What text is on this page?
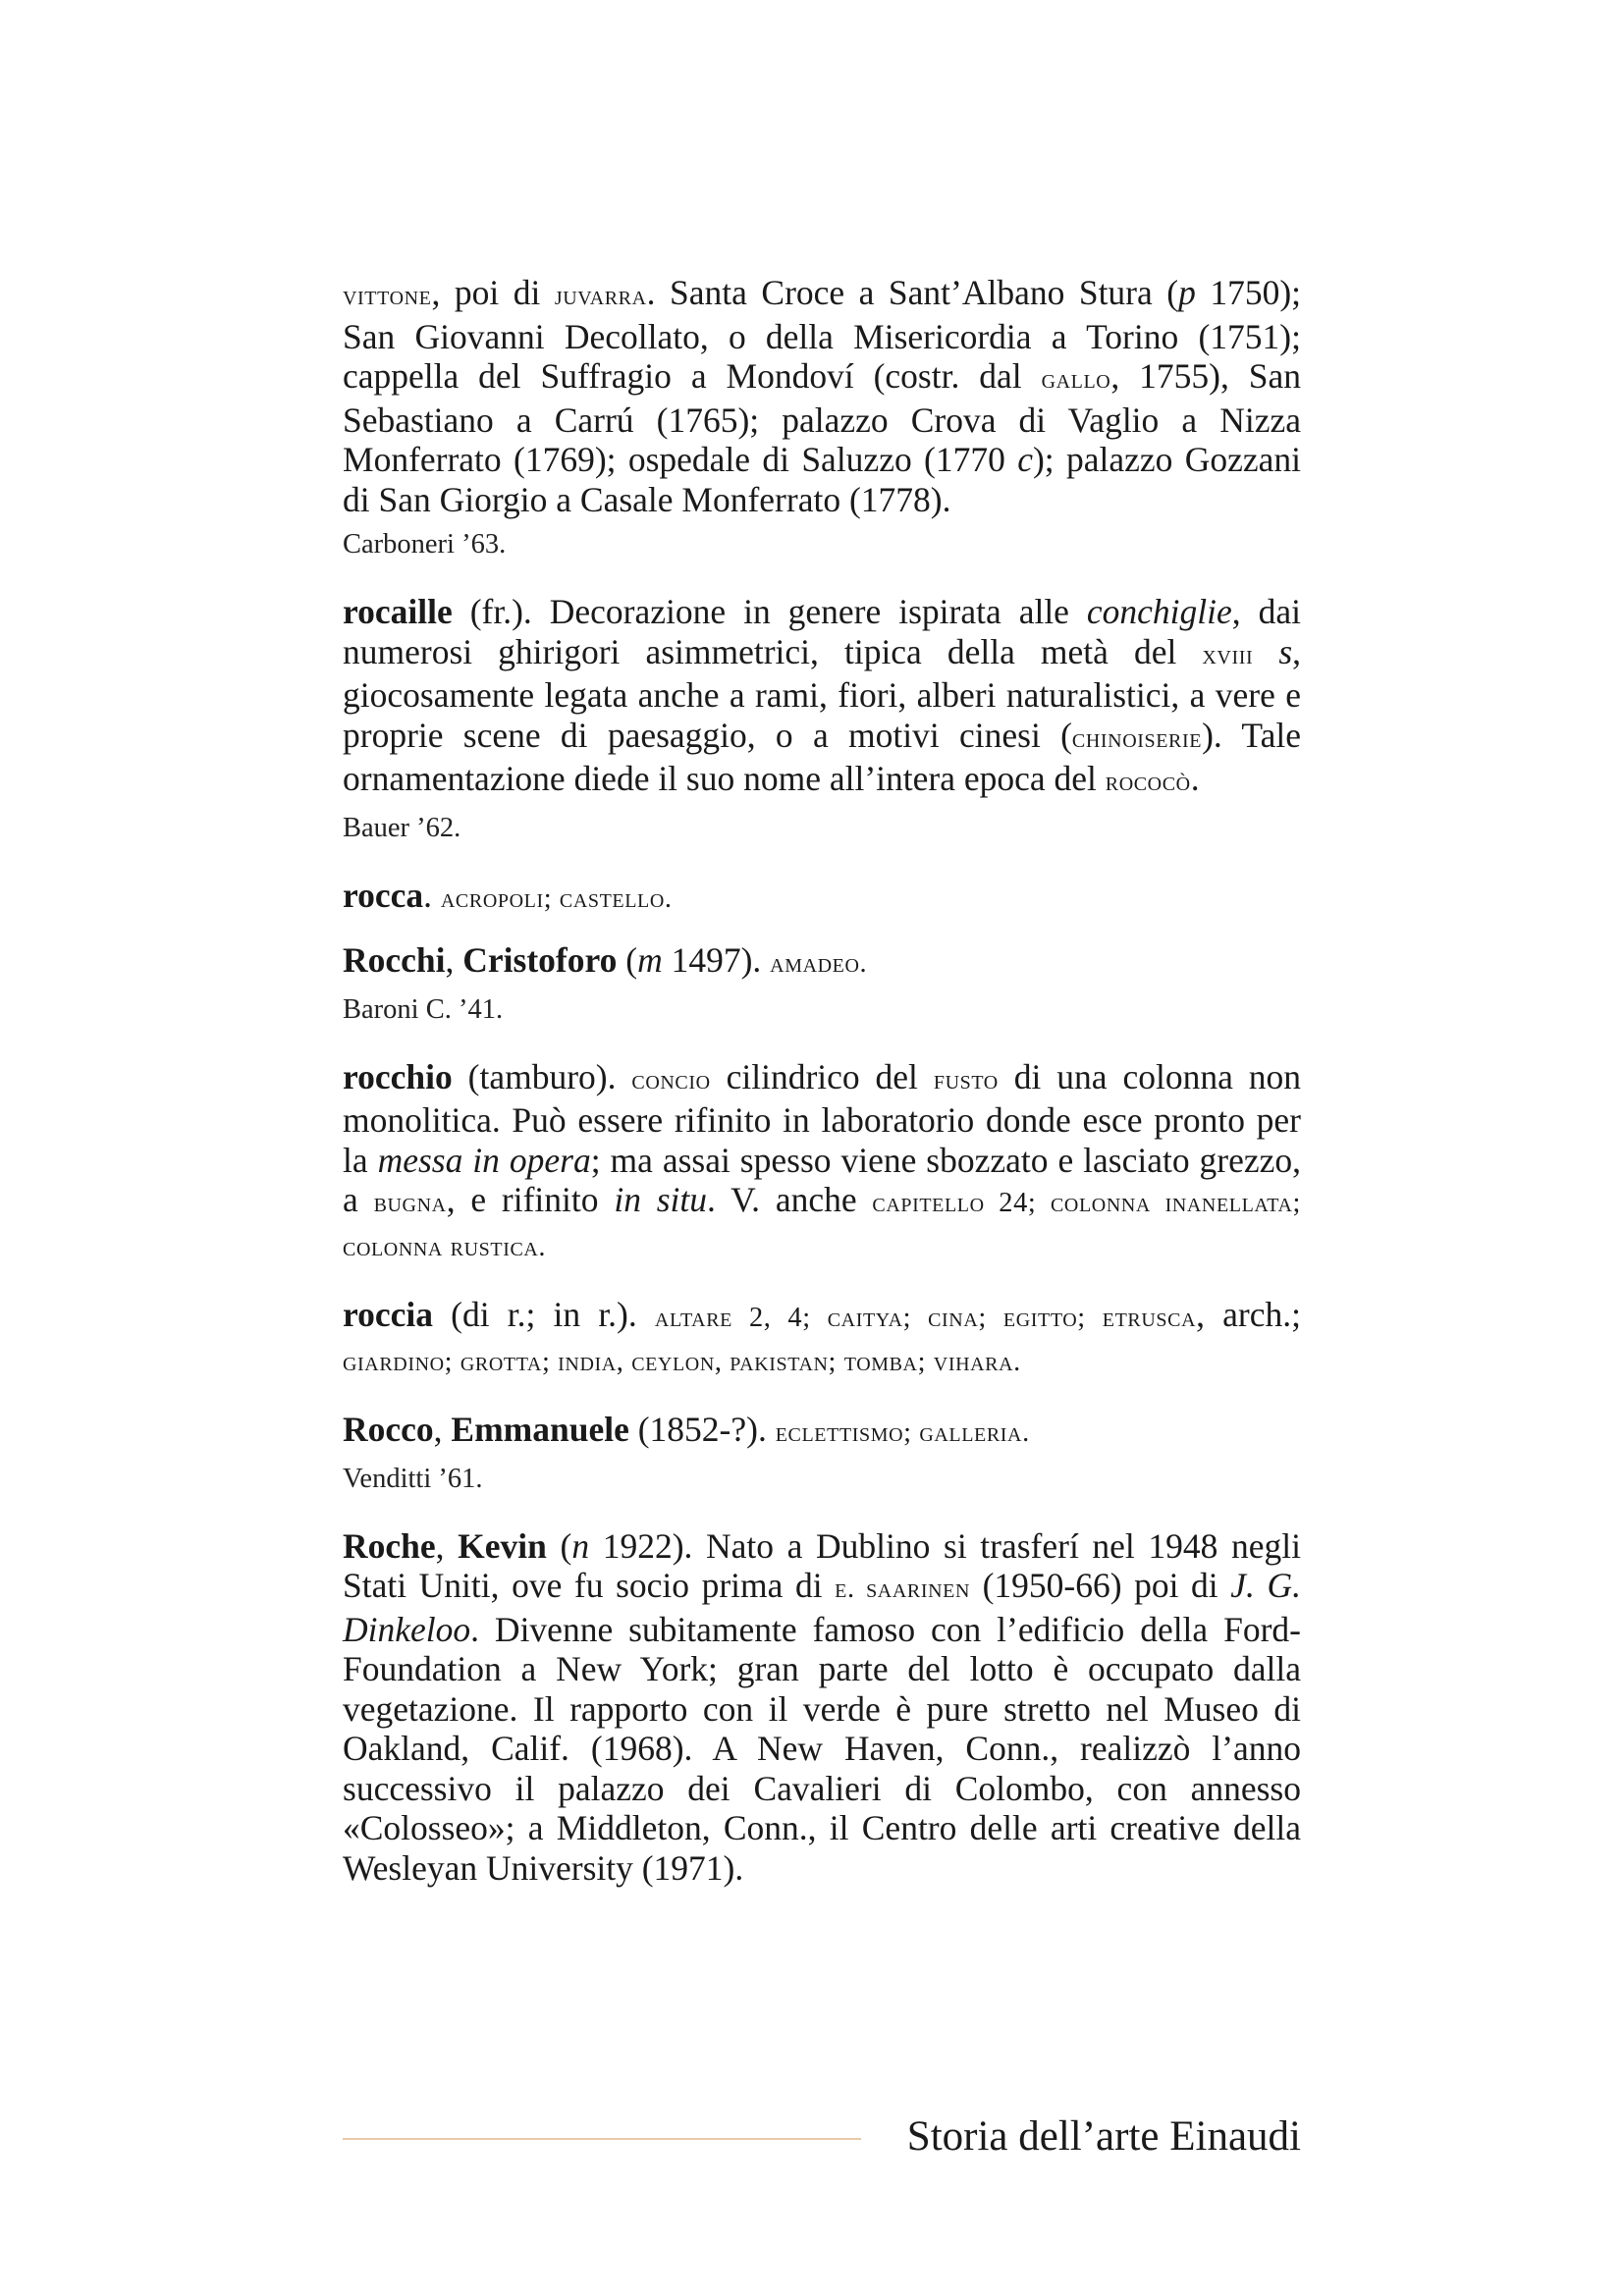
vittone, poi di juvarra. Santa Croce a Sant’Albano Stura (p 1750); San Giovanni Decollato, o della Misericordia a Torino (1751); cappella del Suffragio a Mondoví (costr. dal gallo, 1755), San Sebastiano a Carrú (1765); palazzo Crova di Vaglio a Nizza Monferrato (1769); ospedale di Saluzzo (1770 c); palazzo Gozzani di San Giorgio a Casale Monferrato (1778).

Carboneri ’63.

rocaille (fr.). Decorazione in genere ispirata alle conchiglie, dai numerosi ghirigori asimmetrici, tipica della metà del xviii s, giocosamente legata anche a rami, fiori, alberi naturalistici, a vere e proprie scene di paesaggio, o a motivi cinesi (chinoiserie). Tale ornamentazione diede il suo nome all’intera epoca del rococò.

Bauer ’62.

rocca. acropoli; castello.

Rocchi, Cristoforo (m 1497). amadeo.

Baroni C. ’41.

rocchio (tamburo). concio cilindrico del fusto di una colonna non monolitica. Può essere rifinito in laboratorio donde esce pronto per la messa in opera; ma assai spesso viene sbozzato e lasciato grezzo, a bugna, e rifinito in situ. V. anche capitello 24; colonna inanellata; colonna rustica.

roccia (di r.; in r.). altare 2, 4; caitya; cina; egitto; etrusca, arch.; giardino; grotta; india, ceylon, pakistan; tomba; vihara.

Rocco, Emmanuele (1852-?). eclettismo; galleria.

Venditti ’61.

Roche, Kevin (n 1922). Nato a Dublino si trasferí nel 1948 negli Stati Uniti, ove fu socio prima di e. saarinen (1950-66) poi di J. G. Dinkeloo. Divenne subitamente famoso con l’edificio della Ford-Foundation a New York; gran parte del lotto è occupato dalla vegetazione. Il rapporto con il verde è pure stretto nel Museo di Oakland, Calif. (1968). A New Haven, Conn., realizzò l’anno successivo il palazzo dei Cavalieri di Colombo, con annesso «Colosseo»; a Middleton, Conn., il Centro delle arti creative della Wesleyan University (1971).

Storia dell’arte Einaudi
